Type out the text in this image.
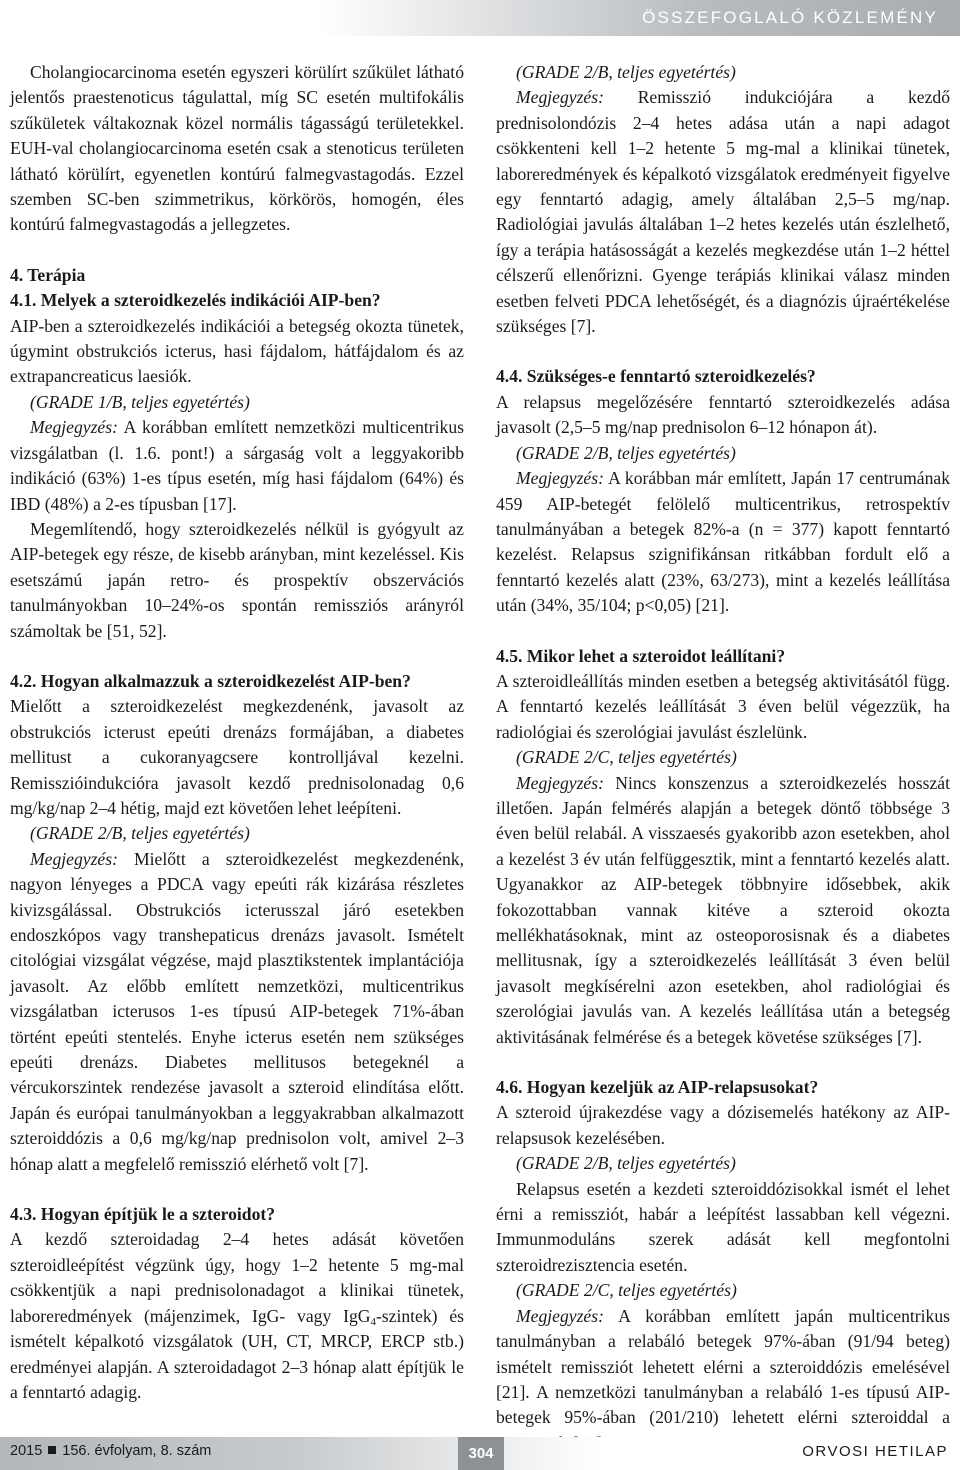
ÖSSZEFOGLALÓ KÖZLEMÉNY

Cholangiocarcinoma esetén egyszeri körülírt szűkület látható jelentős praestenoticus tágulattal, míg SC esetén multifokális szűkületek váltakoznak közel normális tágasságú területekkel. EUH-val cholangiocarcinoma esetén csak a stenoticus területen látható körülírt, egyenetlen kontúrú falmegvastagodás. Ezzel szemben SC-ben szimmetrikus, körkörös, homogén, éles kontúrú falmegvastagodás a jellegzetes.

4. Terápia
4.1. Melyek a szteroidkezelés indikációi AIP-ben?

AIP-ben a szteroidkezelés indikációi a betegség okozta tünetek, úgymint obstrukciós icterus, hasi fájdalom, hátfájdalom és az extrapancreaticus laesiók.

(GRADE 1/B, teljes egyetértés)

Megjegyzés: A korábban említett nemzetközi multicentrikus vizsgálatban (l. 1.6. pont!) a sárgaság volt a leggyakoribb indikáció (63%) 1-es típus esetén, míg hasi fájdalom (64%) és IBD (48%) a 2-es típusban [17].

Megemlítendő, hogy szteroidkezelés nélkül is gyógyult az AIP-betegek egy része, de kisebb arányban, mint kezeléssel. Kis esetszámú japán retro- és prospektív obszervációs tanulmányokban 10–24%-os spontán remissziós arányról számoltak be [51, 52].

4.2. Hogyan alkalmazzuk a szteroidkezelést AIP-ben?

Mielőtt a szteroidkezelést megkezdenénk, javasolt az obstrukciós icterust epeúti drenázs formájában, a diabetes mellitust a cukoranyagcsere kontrolljával kezelni. Remisszióindukcióra javasolt kezdő prednisolonadag 0,6 mg/kg/nap 2–4 hétig, majd ezt követően lehet leépíteni.

(GRADE 2/B, teljes egyetértés)

Megjegyzés: Mielőtt a szteroidkezelést megkezdenénk, nagyon lényeges a PDCA vagy epeúti rák kizárása részletes kivizsgálással. Obstrukciós icterusszal járó esetekben endoszkópos vagy transhepaticus drenázs javasolt. Ismételt citológiai vizsgálat végzése, majd plasztikstentek implantációja javasolt. Az előbb említett nemzetközi, multicentrikus vizsgálatban icterusos 1-es típusú AIP-betegek 71%-ában történt epeúti stentelés. Enyhe icterus esetén nem szükséges epeúti drenázs. Diabetes mellitusos betegeknél a vércukorszintek rendezése javasolt a szteroid elindítása előtt. Japán és európai tanulmányokban a leggyakrabban alkalmazott szteroiddózis a 0,6 mg/kg/nap prednisolon volt, amivel 2–3 hónap alatt a megfelelő remisszió elérhető volt [7].

4.3. Hogyan építjük le a szteroidot?

A kezdő szteroidadag 2–4 hetes adását követően szteroidleépítést végzünk úgy, hogy 1–2 hetente 5 mg-mal csökkentjük a napi prednisolonadagot a klinikai tünetek, laboreredmények (májenzimek, IgG- vagy IgG$_4$-szintek) és ismételt képalkotó vizsgálatok (UH, CT, MRCP, ERCP stb.) eredményei alapján. A szteroidadagot 2–3 hónap alatt építjük le a fenntartó adagig.

(GRADE 2/B, teljes egyetértés)

Megjegyzés: Remisszió indukciójára a kezdő prednisolondózis 2–4 hetes adása után a napi adagot csökkenteni kell 1–2 hetente 5 mg-mal a klinikai tünetek, laboreredmények és képalkotó vizsgálatok eredményeit figyelve egy fenntartó adagig, amely általában 2,5–5 mg/nap. Radiológiai javulás általában 1–2 hetes kezelés után észlelhető, így a terápia hatásosságát a kezelés megkezdése után 1–2 héttel célszerű ellenőrizni. Gyenge terápiás klinikai válasz minden esetben felveti PDCA lehetőségét, és a diagnózis újraértékelése szükséges [7].

4.4. Szükséges-e fenntartó szteroidkezelés?

A relapsus megelőzésére fenntartó szteroidkezelés adása javasolt (2,5–5 mg/nap prednisolon 6–12 hónapon át).

(GRADE 2/B, teljes egyetértés)

Megjegyzés: A korábban már említett, Japán 17 centrumának 459 AIP-betegét felölelő multicentrikus, retrospektív tanulmányában a betegek 82%-a (n = 377) kapott fenntartó kezelést. Relapsus szignifikánsan ritkábban fordult elő a fenntartó kezelés alatt (23%, 63/273), mint a kezelés leállítása után (34%, 35/104; p<0,05) [21].

4.5. Mikor lehet a szteroidot leállítani?

A szteroidleállítás minden esetben a betegség aktivitásától függ. A fenntartó kezelés leállítását 3 éven belül végezzük, ha radiológiai és szerológiai javulást észlelünk.

(GRADE 2/C, teljes egyetértés)

Megjegyzés: Nincs konszenzus a szteroidkezelés hosszát illetően. Japán felmérés alapján a betegek döntő többsége 3 éven belül relabál. A visszaesés gyakoribb azon esetekben, ahol a kezelést 3 év után felfüggesztik, mint a fenntartó kezelés alatt. Ugyanakkor az AIP-betegek többnyire idősebbek, akik fokozottabban vannak kitéve a szteroid okozta mellékhatásoknak, mint az osteoporosisnak és a diabetes mellitusnak, így a szteroidkezelés leállítását 3 éven belül javasolt megkísérelni azon esetekben, ahol radiológiai és szerológiai javulás van. A kezelés leállítása után a betegség aktivitásának felmérése és a betegek követése szükséges [7].

4.6. Hogyan kezeljük az AIP-relapsusokat?

A szteroid újrakezdése vagy a dózisemelés hatékony az AIP-relapsusok kezelésében.

(GRADE 2/B, teljes egyetértés)

Relapsus esetén a kezdeti szteroiddózisokkal ismét el lehet érni a remissziót, habár a leépítést lassabban kell végezni. Immunmoduláns szerek adását kell megfontolni szteroidrezisztencia esetén.

(GRADE 2/C, teljes egyetértés)

Megjegyzés: A korábban említett japán multicentrikus tanulmányban a relabáló betegek 97%-ában (91/94 beteg) ismételt remissziót lehetett elérni a szteroiddózis emelésével [21]. A nemzetközi tanulmányban a relabáló 1-es típusú AIP-betegek 95%-ában (201/210) lehetett elérni szteroiddal a

2015 156. évfolyam, 8. szám	304	ORVOSI HETILAP
